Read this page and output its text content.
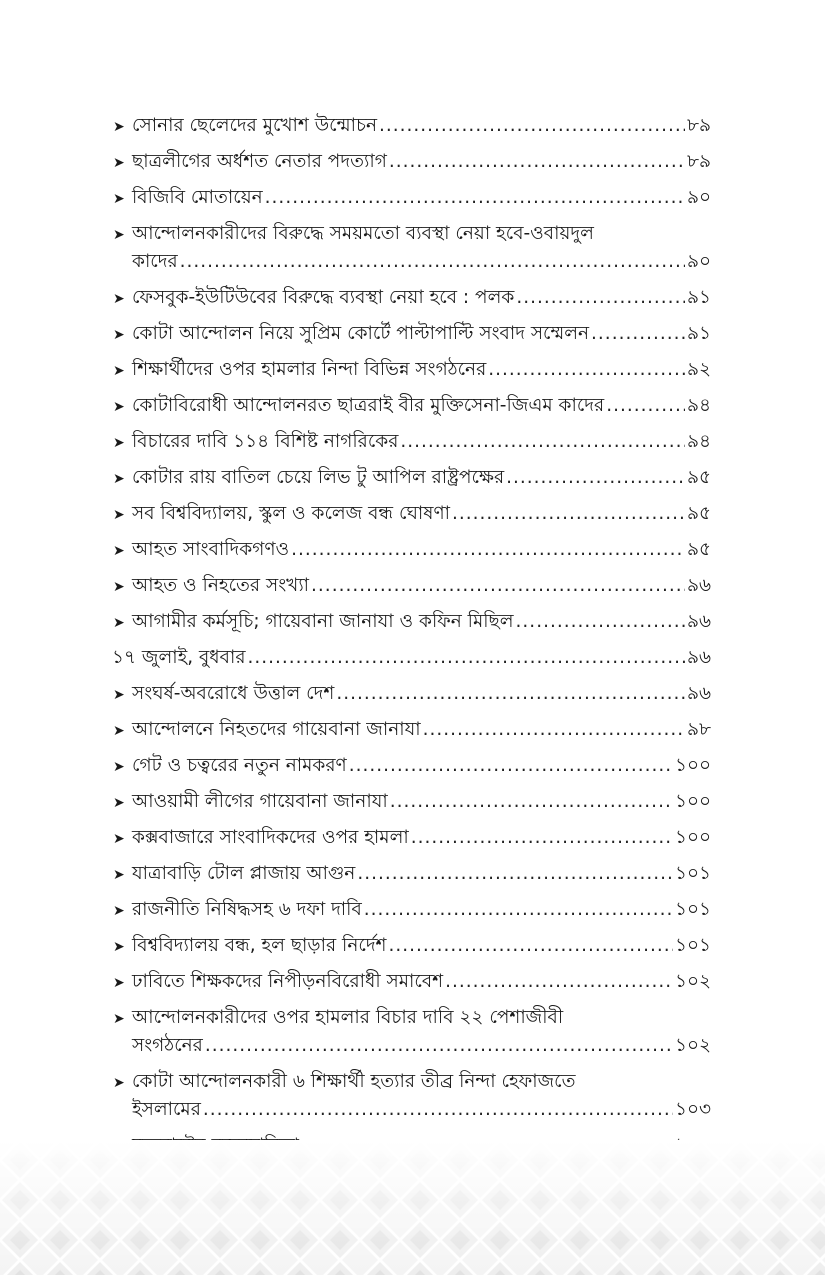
➤ সোনার ছেলেদের মুখোশ উন্মোচন .....	৮৯
➤ ছাত্রলীগের অর্ধশত নেতার পদত্যাগ .....	৮৯
➤ বিজিবি মোতায়েন .....	৯০
➤ আন্দোলনকারীদের বিরুদ্ধে সময়মতো ব্যবস্থা নেয়া হবে-ওবায়দুল
কাদের .....	৯০
➤ ফেসবুক-ইউটিউবের বিরুদ্ধে ব্যবস্থা নেয়া হবে : পলক .....	৯১
➤ কোটা আন্দোলন নিয়ে সুপ্রিম কোর্টে পাল্টাপাল্টি সংবাদ সম্মেলন .....	৯১
➤ শিক্ষার্থীদের ওপর হামলার নিন্দা বিভিন্ন সংগঠনের .....	৯২
➤ কোটাবিরোধী আন্দোলনরত ছাত্ররাই বীর মুক্তিসেনা-জিএম কাদের .....	৯৪
➤ বিচারের দাবি ১১৪ বিশিষ্ট নাগরিকের .....	৯৪
➤ কোটার রায় বাতিল চেয়ে লিভ টু আপিল রাষ্ট্রপক্ষের .....	৯৫
➤ সব বিশ্ববিদ্যালয়, স্কুল ও কলেজ বন্ধ ঘোষণা .....	৯৫
➤ আহত সাংবাদিকগণও .....	৯৫
➤ আহত ও নিহতের সংখ্যা .....	৯৬
➤ আগামীর কর্মসূচি; গায়েবানা জানাযা ও কফিন মিছিল .....	৯৬
১৭ জুলাই, বুধবার .....	৯৬
➤ সংঘর্ষ-অবরোধে উত্তাল দেশ .....	৯৬
➤ আন্দোলনে নিহতদের গায়েবানা জানাযা .....	৯৮
➤ গেট ও চত্বরের নতুন নামকরণ .....	১০০
➤ আওয়ামী লীগের গায়েবানা জানাযা .....	১০০
➤ কক্সবাজারে সাংবাদিকদের ওপর হামলা .....	১০০
➤ যাত্রাবাড়ি টোল প্লাজায় আগুন .....	১০১
➤ রাজনীতি নিষিদ্ধসহ ৬ দফা দাবি .....	১০১
➤ বিশ্ববিদ্যালয় বন্ধ, হল ছাড়ার নির্দেশ .....	১০১
➤ ঢাবিতে শিক্ষকদের নিপীড়নবিরোধী সমাবেশ .....	১০২
➤ আন্দোলনকারীদের ওপর হামলার বিচার দাবি ২২ পেশাজীবী
সংগঠনের .....	১০২
➤ কোটা আন্দোলনকারী ৬ শিক্ষার্থী হত্যার তীব্র নিন্দা হেফাজতে
ইসলামের .....	১০৩
.....
